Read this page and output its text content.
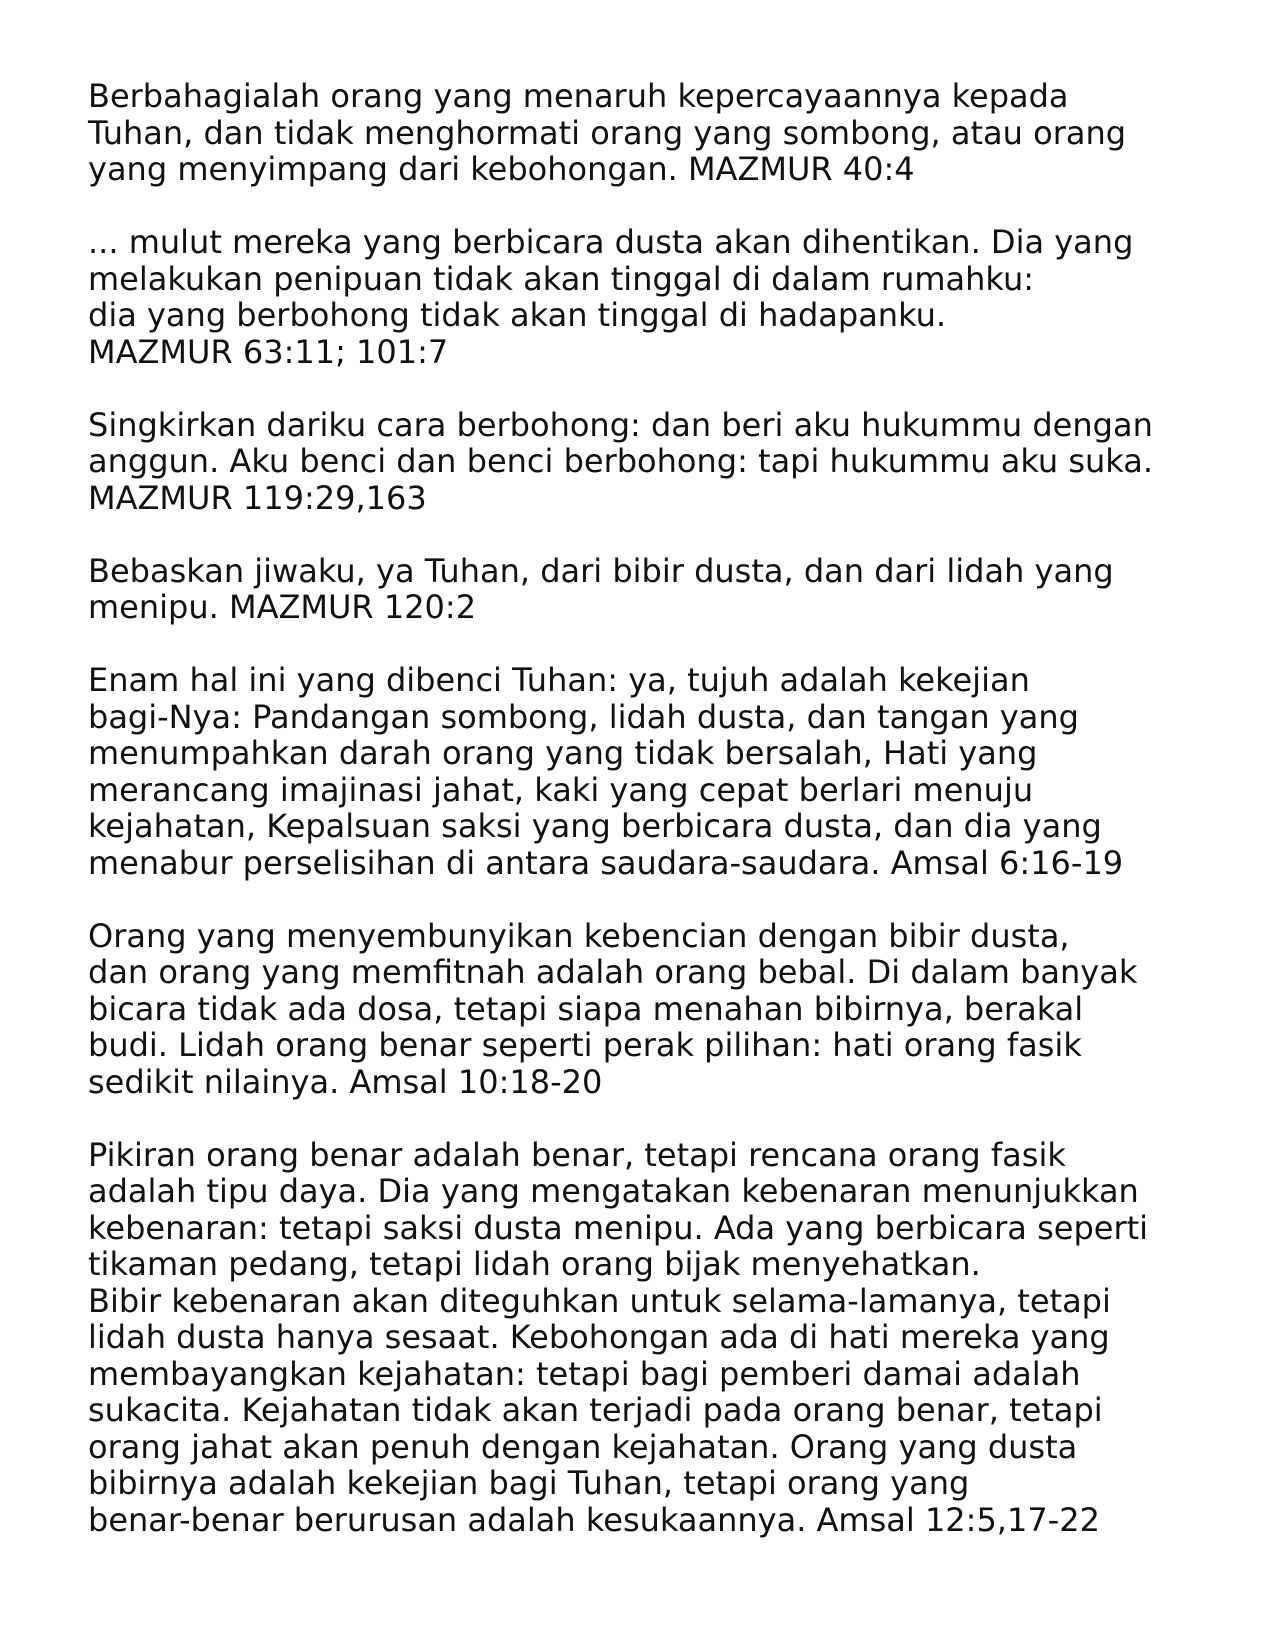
Berbahagialah orang yang menaruh kepercayaannya kepada
Tuhan, dan tidak menghormati orang yang sombong, atau orang
yang menyimpang dari kebohongan. MAZMUR 40:4
... mulut mereka yang berbicara dusta akan dihentikan. Dia yang
melakukan penipuan tidak akan tinggal di dalam rumahku:
dia yang berbohong tidak akan tinggal di hadapanku.
MAZMUR 63:11; 101:7
Singkirkan dariku cara berbohong: dan beri aku hukummu dengan
anggun. Aku benci dan benci berbohong: tapi hukummu aku suka.
MAZMUR 119:29,163
Bebaskan jiwaku, ya Tuhan, dari bibir dusta, dan dari lidah yang
menipu. MAZMUR 120:2
Enam hal ini yang dibenci Tuhan: ya, tujuh adalah kekejian
bagi-Nya: Pandangan sombong, lidah dusta, dan tangan yang
menumpahkan darah orang yang tidak bersalah, Hati yang
merancang imajinasi jahat, kaki yang cepat berlari menuju
kejahatan, Kepalsuan saksi yang berbicara dusta, dan dia yang
menabur perselisihan di antara saudara-saudara. Amsal 6:16-19
Orang yang menyembunyikan kebencian dengan bibir dusta,
dan orang yang memfitnah adalah orang bebal. Di dalam banyak
bicara tidak ada dosa, tetapi siapa menahan bibirnya, berakal
budi. Lidah orang benar seperti perak pilihan: hati orang fasik
sedikit nilainya. Amsal 10:18-20
Pikiran orang benar adalah benar, tetapi rencana orang fasik
adalah tipu daya. Dia yang mengatakan kebenaran menunjukkan
kebenaran: tetapi saksi dusta menipu. Ada yang berbicara seperti
tikaman pedang, tetapi lidah orang bijak menyehatkan.
Bibir kebenaran akan diteguhkan untuk selama-lamanya, tetapi
lidah dusta hanya sesaat. Kebohongan ada di hati mereka yang
membayangkan kejahatan: tetapi bagi pemberi damai adalah
sukacita. Kejahatan tidak akan terjadi pada orang benar, tetapi
orang jahat akan penuh dengan kejahatan. Orang yang dusta
bibirnya adalah kekejian bagi Tuhan, tetapi orang yang
benar-benar berurusan adalah kesukaannya. Amsal 12:5,17-22
